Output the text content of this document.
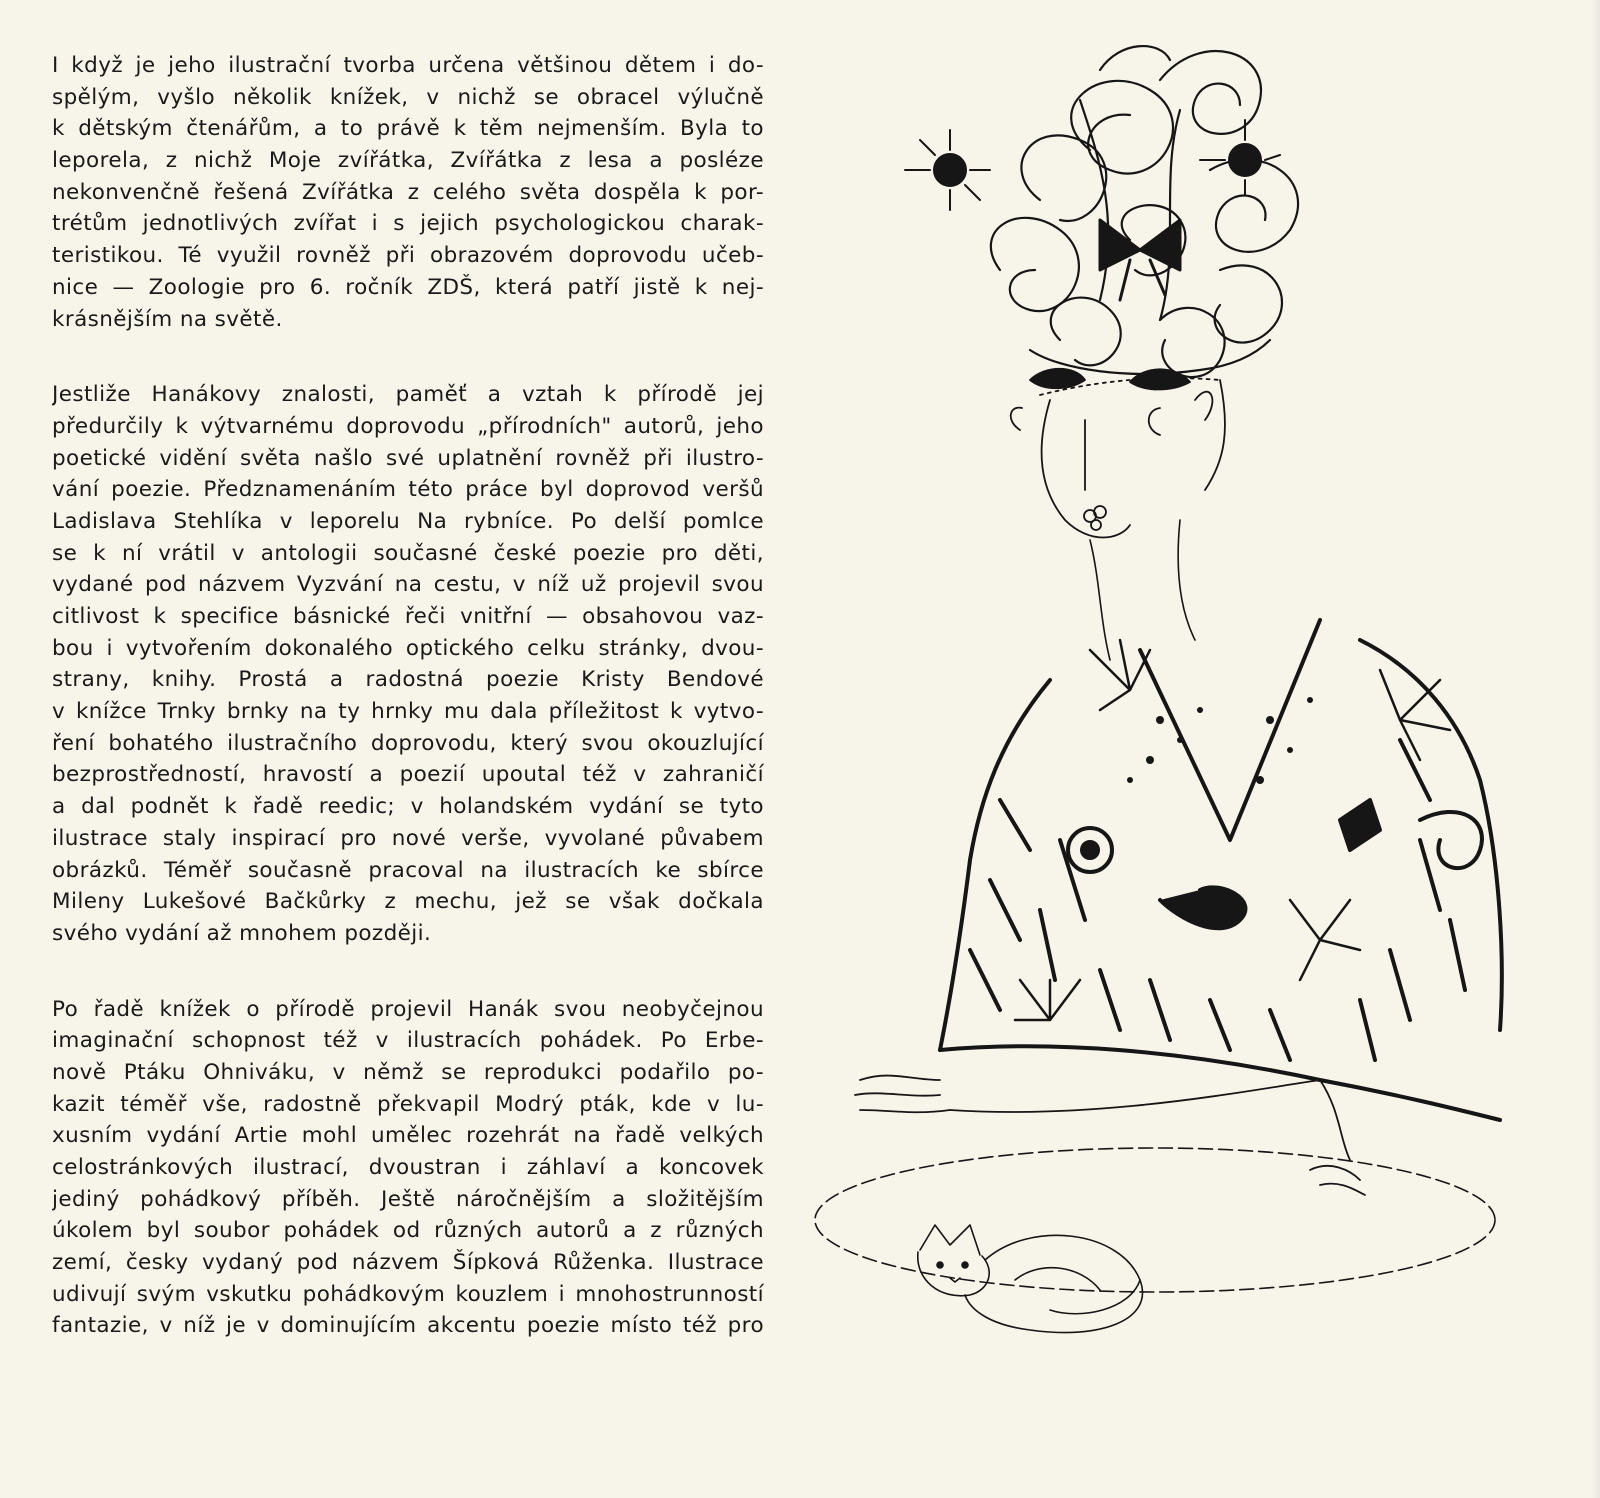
I když je jeho ilustrační tvorba určena většinou dětem i do-
spělým, vyšlo několik knížek, v nichž se obracel výlučně
k dětským čtenářům, a to právě k těm nejmenším. Byla to
leporela, z nichž Moje zvířátka, Zvířátka z lesa a posléze
nekonvenčně řešená Zvířátka z celého světa dospěla k por-
trétům jednotlivých zvířat i s jejich psychologickou charak-
teristikou. Té využil rovněž při obrazovém doprovodu učeb-
nice — Zoologie pro 6. ročník ZDŠ, která patří jistě k nej-
krásnějším na světě.

Jestliže Hanákovy znalosti, paměť a vztah k přírodě jej
předurčily k výtvarnému doprovodu „přírodních" autorů, jeho
poetické vidění světa našlo své uplatnění rovněž při ilustro-
vání poezie. Předznamenáním této práce byl doprovod veršů
Ladislava Stehlíka v leporelu Na rybníce. Po delší pomlce
se k ní vrátil v antologii současné české poezie pro děti,
vydané pod názvem Vyzvání na cestu, v níž už projevil svou
citlivost k specifice básnické řeči vnitřní — obsahovou vaz-
bou i vytvořením dokonalého optického celku stránky, dvou-
strany, knihy. Prostá a radostná poezie Kristy Bendové
v knížce Trnky brnky na ty hrnky mu dala příležitost k vytvo-
ření bohatého ilustračního doprovodu, který svou okouzlující
bezprostředností, hravostí a poezií upoutal též v zahraničí
a dal podnět k řadě reedic; v holandském vydání se tyto
ilustrace staly inspirací pro nové verše, vyvolané půvabem
obrázků. Téměř současně pracoval na ilustracích ke sbírce
Mileny Lukešové Bačkůrky z mechu, jež se však dočkala
svého vydání až mnohem později.

Po řadě knížek o přírodě projevil Hanák svou neobyčejnou
imaginační schopnost též v ilustracích pohádek. Po Erbe-
nově Ptáku Ohniváku, v němž se reprodukci podařilo po-
kazit téměř vše, radostně překvapil Modrý pták, kde v lu-
xusním vydání Artie mohl umělec rozehrát na řadě velkých
celostránkových ilustrací, dvoustran i záhlaví a koncovek
jediný pohádkový příběh. Ještě náročnějším a složitějším
úkolem byl soubor pohádek od různých autorů a z různých
zemí, česky vydaný pod názvem Šípková Růženka. Ilustrace
udivují svým vskutku pohádkovým kouzlem i mnohostrunností
fantazie, v níž je v dominujícím akcentu poezie místo též pro
